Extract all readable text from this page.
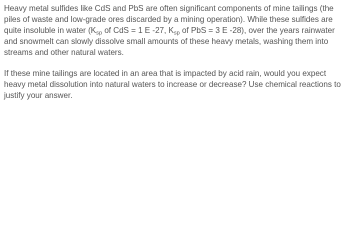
Heavy metal sulfides like CdS and PbS are often significant components of mine tailings (the piles of waste and low-grade ores discarded by a mining operation). While these sulfides are quite insoluble in water ($K_{sp}$ of CdS = 1 E -27, $K_{sp}$ of PbS = 3 E -28), over the years rainwater and snowmelt can slowly dissolve small amounts of these heavy metals, washing them into streams and other natural waters.

If these mine tailings are located in an area that is impacted by acid rain, would you expect heavy metal dissolution into natural waters to increase or decrease? Use chemical reactions to justify your answer.
